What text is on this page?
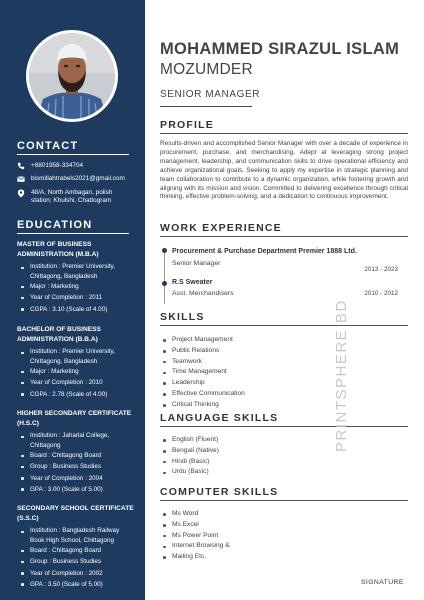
CONTACT
+8801958-334704
bismillahtrabels2021@gmail.com
48/A, North Ambagan, polish
station; Khulshi, Chattogram
EDUCATION
MASTER OF BUSINESS
ADMINISTRATION (M.B.A)
Institution : Premier University,
Chittagong, Bangladesh
Major : Marketing
Year of Completion : 2011
CGPA : 3.10 (Scale of 4.00)
BACHELOR OF BUSINESS
ADMINISTRATION (B.B.A)
Institution : Premier University,
Chittagong, Bangladesh
Major : Marketing
Year of Completion : 2010
CGPA : 2.78 (Scale of 4.00)
HIGHER SECONDARY CERTIFICATE
(H.S.C)
Institution : Jaharlal College,
Chittagong
Board : Chittagong Board
Group : Business Studies
Year of Completion : 2004
GPA : 3.00 (Scale of 5.00)
SECONDARY SCHOOL CERTIFICATE
(S.S.C)
Institution : Bangladesh Railway
Book High School, Chittagong
Board : Chittagong Board
Group : Business Studies
Year of Completion : 2002
GPA : 3.50 (Scale of 5.00)
MOHAMMED SIRAZUL ISLAM
MOZUMDER
SENIOR MANAGER
PROFILE
Results-driven and accomplished Senior Manager with over a decade of experience in procurement, purchase, and merchandising. Adept at leveraging strong project management, leadership, and communication skills to drive operational efficiency and achieve organizational goals. Seeking to apply my expertise in strategic planning and team collaboration to contribute to a dynamic organization, while fostering growth and aligning with its mission and vision. Committed to delivering excellence through critical thinking, effective problem-solving, and a dedication to continuous improvement.
WORK EXPERIENCE
Procurement & Purchase Department Premier 1888 Ltd.
Senior Manager
2013 - 2023
R.S Sweater
Asst. Merchandisers	2010 - 2012
SKILLS
Project Management
Public Relations
Teamwork
Time Management
Leadership
Effective Communication
Critical Thinking
LANGUAGE SKILLS
English (Fluent)
Bengali (Native)
Hindi (Basic)
Urdu (Basic)
COMPUTER SKILLS
Ms Word
Ms Excel
Ms Power Point
Internet Browsing &
Mailing Etc.
PRINTSPHERE BD
SIGNATURE
